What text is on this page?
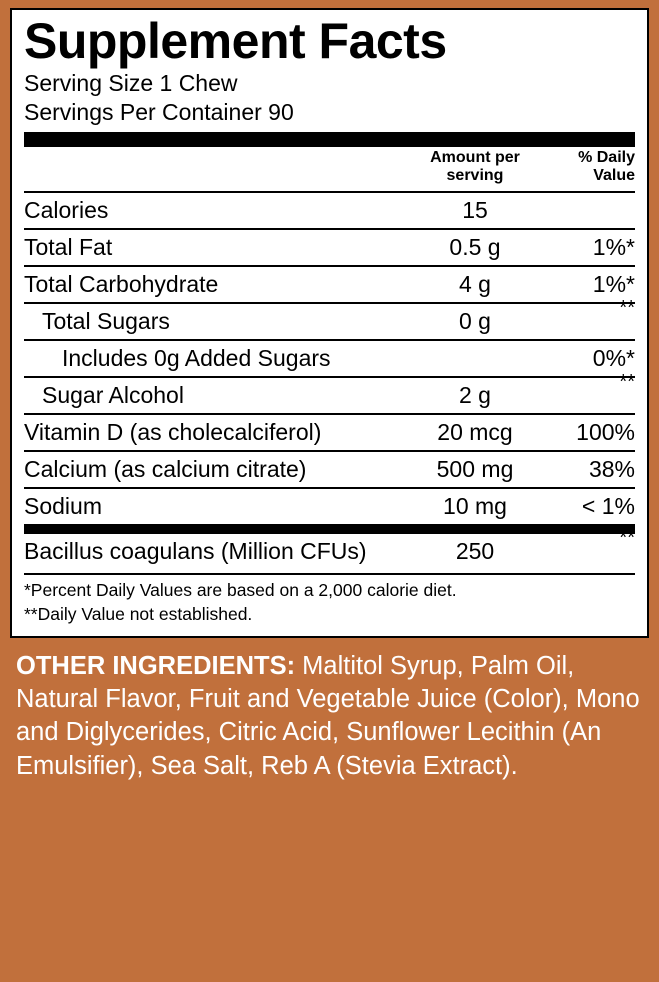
Supplement Facts
Serving Size 1 Chew
Servings Per Container 90
	Amount per
serving	% Daily
Value
Calories	15	
Total Fat	0.5 g	1%*
Total Carbohydrate	4 g	1%*
Total Sugars	0 g	**
Includes 0g Added Sugars		0%*
Sugar Alcohol	2 g	**
Vitamin D (as cholecalciferol)	20 mcg	100%
Calcium (as calcium citrate)	500 mg	38%
Sodium	10 mg	< 1%
Bacillus coagulans (Million CFUs)	250	**
*Percent Daily Values are based on a 2,000 calorie diet.
**Daily Value not established.
OTHER INGREDIENTS: Maltitol Syrup, Palm Oil, Natural Flavor, Fruit and Vegetable Juice (Color), Mono and Diglycerides, Citric Acid, Sunflower Lecithin (An Emulsifier), Sea Salt, Reb A (Stevia Extract).
